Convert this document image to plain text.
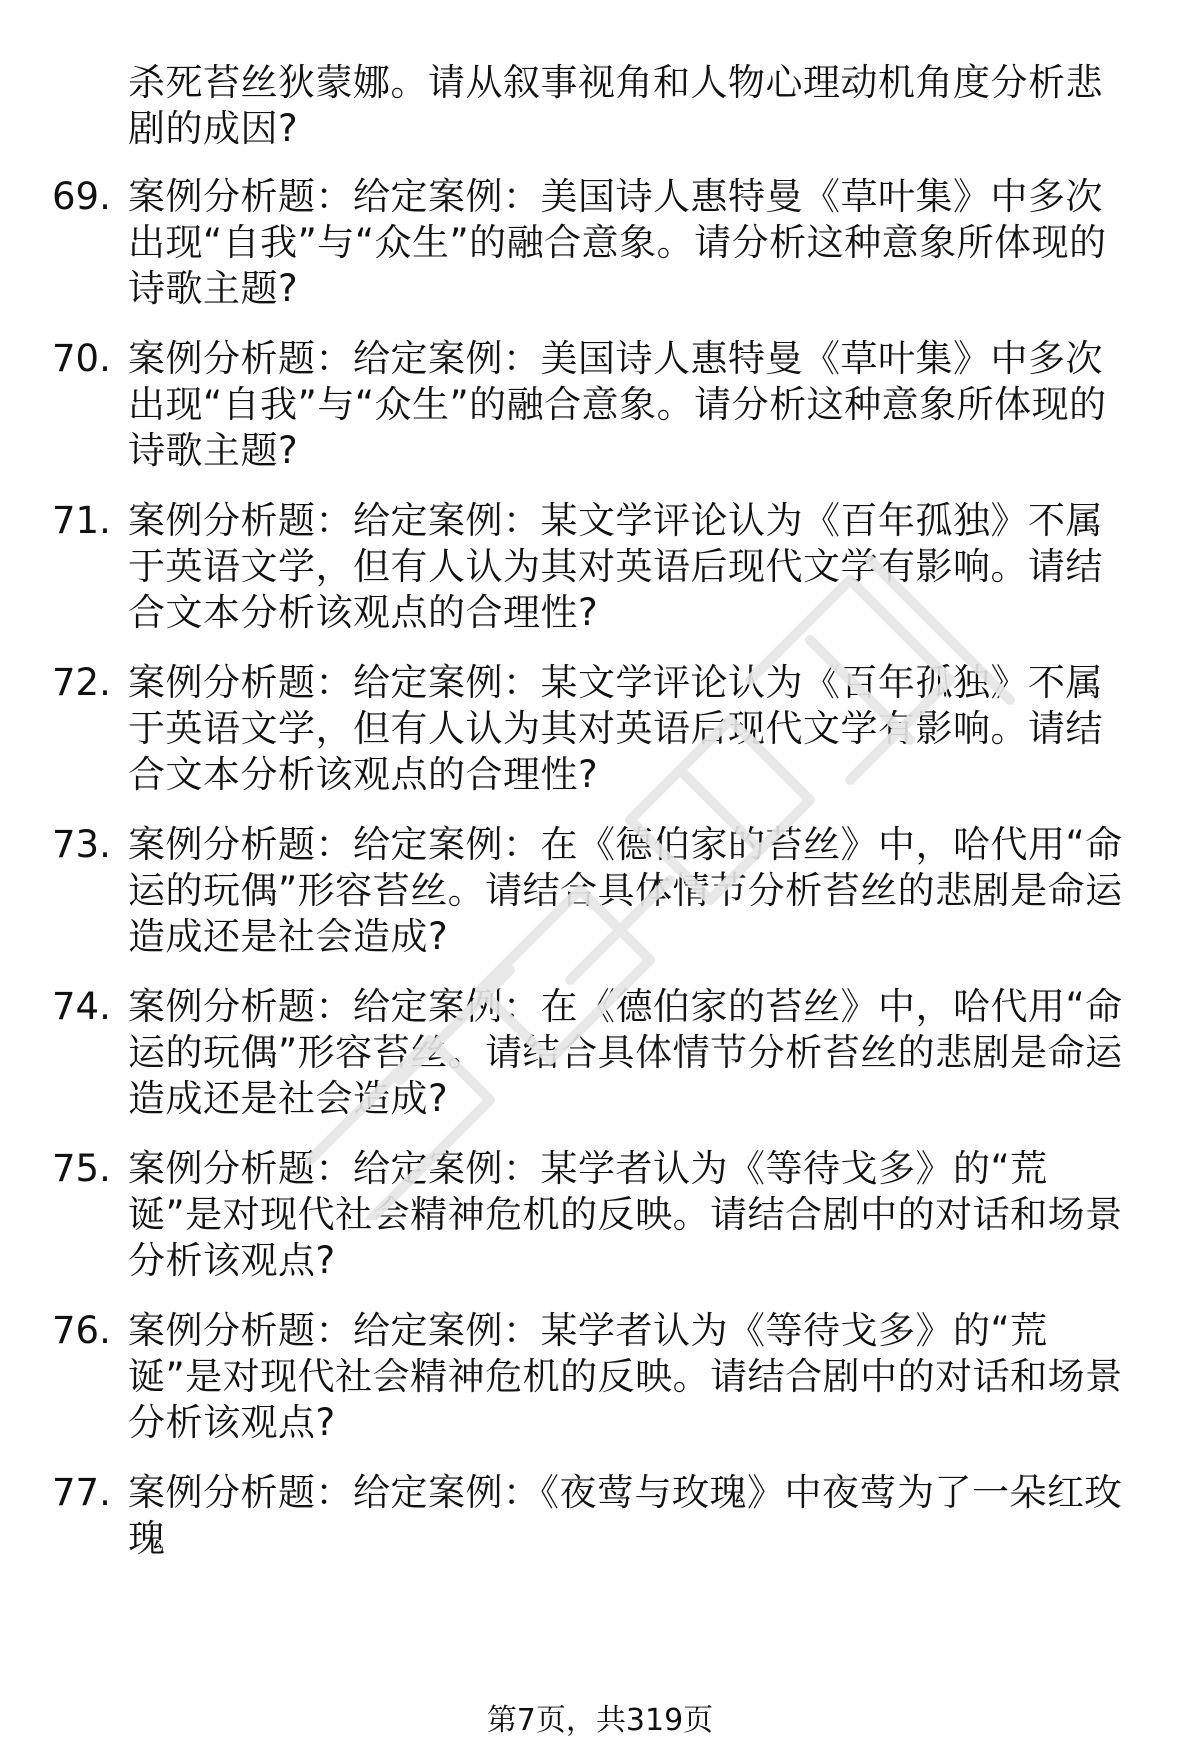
杀死苔丝狄蒙娜。请从叙事视角和人物心理动机角度分析悲剧的成因?
69. 案例分析题：给定案例：美国诗人惠特曼《草叶集》中多次出现“自我”与“众生”的融合意象。请分析这种意象所体现的诗歌主题?
70. 案例分析题：给定案例：美国诗人惠特曼《草叶集》中多次出现“自我”与“众生”的融合意象。请分析这种意象所体现的诗歌主题?
71. 案例分析题：给定案例：某文学评论认为《百年孤独》不属于英语文学，但有人认为其对英语后现代文学有影响。请结合文本分析该观点的合理性?
72. 案例分析题：给定案例：某文学评论认为《百年孤独》不属于英语文学，但有人认为其对英语后现代文学有影响。请结合文本分析该观点的合理性?
73. 案例分析题：给定案例：在《德伯家的苔丝》中，哈代用“命运的玩偶”形容苔丝。请结合具体情节分析苔丝的悲剧是命运造成还是社会造成?
74. 案例分析题：给定案例：在《德伯家的苔丝》中，哈代用“命运的玩偶”形容苔丝。请结合具体情节分析苔丝的悲剧是命运造成还是社会造成?
75. 案例分析题：给定案例：某学者认为《等待戈多》的“荒诞”是对现代社会精神危机的反映。请结合剧中的对话和场景分析该观点?
76. 案例分析题：给定案例：某学者认为《等待戈多》的“荒诞”是对现代社会精神危机的反映。请结合剧中的对话和场景分析该观点?
77. 案例分析题：给定案例：《夜莺与玫瑰》中夜莺为了一朵红玫瑰
第7页，共319页
